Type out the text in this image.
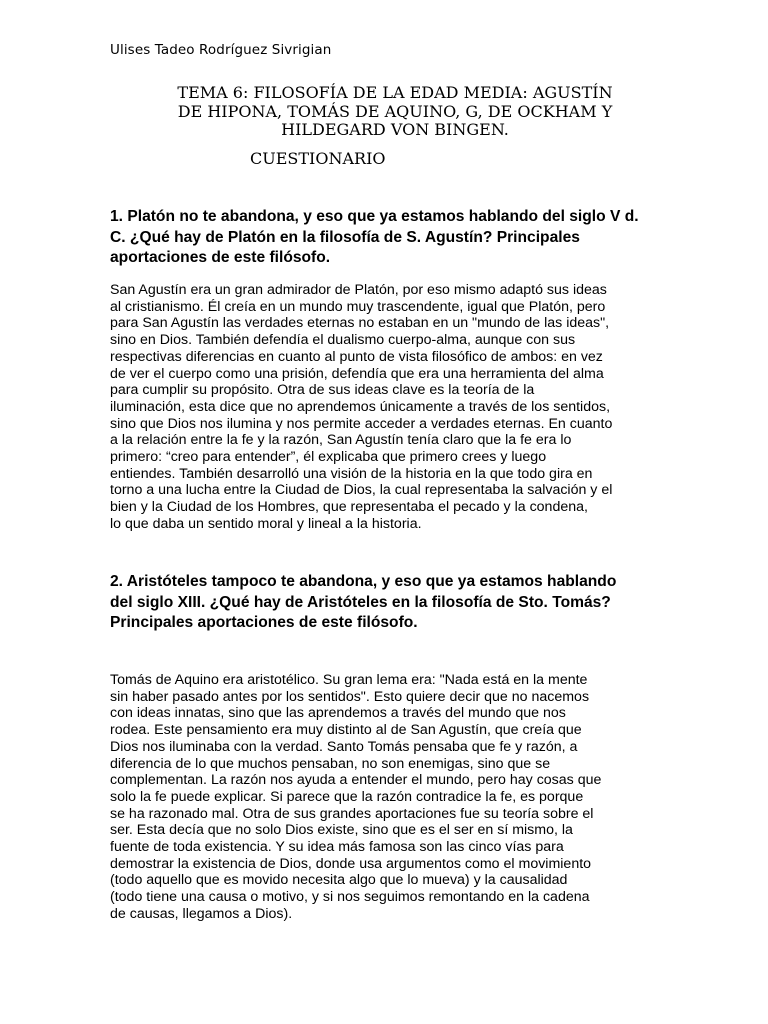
Ulises Tadeo Rodríguez Sivrigian
TEMA 6: FILOSOFÍA DE LA EDAD MEDIA: AGUSTÍN
DE HIPONA, TOMÁS DE AQUINO, G, DE OCKHAM Y
HILDEGARD VON BINGEN.
CUESTIONARIO
1. Platón no te abandona, y eso que ya estamos hablando del siglo V d.
C. ¿Qué hay de Platón en la filosofía de S. Agustín? Principales
aportaciones de este filósofo.
San Agustín era un gran admirador de Platón, por eso mismo adaptó sus ideas
al cristianismo. Él creía en un mundo muy trascendente, igual que Platón, pero
para San Agustín las verdades eternas no estaban en un "mundo de las ideas",
sino en Dios. También defendía el dualismo cuerpo-alma, aunque con sus
respectivas diferencias en cuanto al punto de vista filosófico de ambos: en vez
de ver el cuerpo como una prisión, defendía que era una herramienta del alma
para cumplir su propósito. Otra de sus ideas clave es la teoría de la
iluminación, esta dice que no aprendemos únicamente a través de los sentidos,
sino que Dios nos ilumina y nos permite acceder a verdades eternas. En cuanto
a la relación entre la fe y la razón, San Agustín tenía claro que la fe era lo
primero: “creo para entender”, él explicaba que primero crees y luego
entiendes. También desarrolló una visión de la historia en la que todo gira en
torno a una lucha entre la Ciudad de Dios, la cual representaba la salvación y el
bien y la Ciudad de los Hombres, que representaba el pecado y la condena,
lo que daba un sentido moral y lineal a la historia.
2. Aristóteles tampoco te abandona, y eso que ya estamos hablando
del siglo XIII. ¿Qué hay de Aristóteles en la filosofía de Sto. Tomás?
Principales aportaciones de este filósofo.
Tomás de Aquino era aristotélico. Su gran lema era: "Nada está en la mente
sin haber pasado antes por los sentidos". Esto quiere decir que no nacemos
con ideas innatas, sino que las aprendemos a través del mundo que nos
rodea. Este pensamiento era muy distinto al de San Agustín, que creía que
Dios nos iluminaba con la verdad. Santo Tomás pensaba que fe y razón, a
diferencia de lo que muchos pensaban, no son enemigas, sino que se
complementan. La razón nos ayuda a entender el mundo, pero hay cosas que
solo la fe puede explicar. Si parece que la razón contradice la fe, es porque
se ha razonado mal. Otra de sus grandes aportaciones fue su teoría sobre el
ser. Esta decía que no solo Dios existe, sino que es el ser en sí mismo, la
fuente de toda existencia. Y su idea más famosa son las cinco vías para
demostrar la existencia de Dios, donde usa argumentos como el movimiento
(todo aquello que es movido necesita algo que lo mueva) y la causalidad
(todo tiene una causa o motivo, y si nos seguimos remontando en la cadena
de causas, llegamos a Dios).
